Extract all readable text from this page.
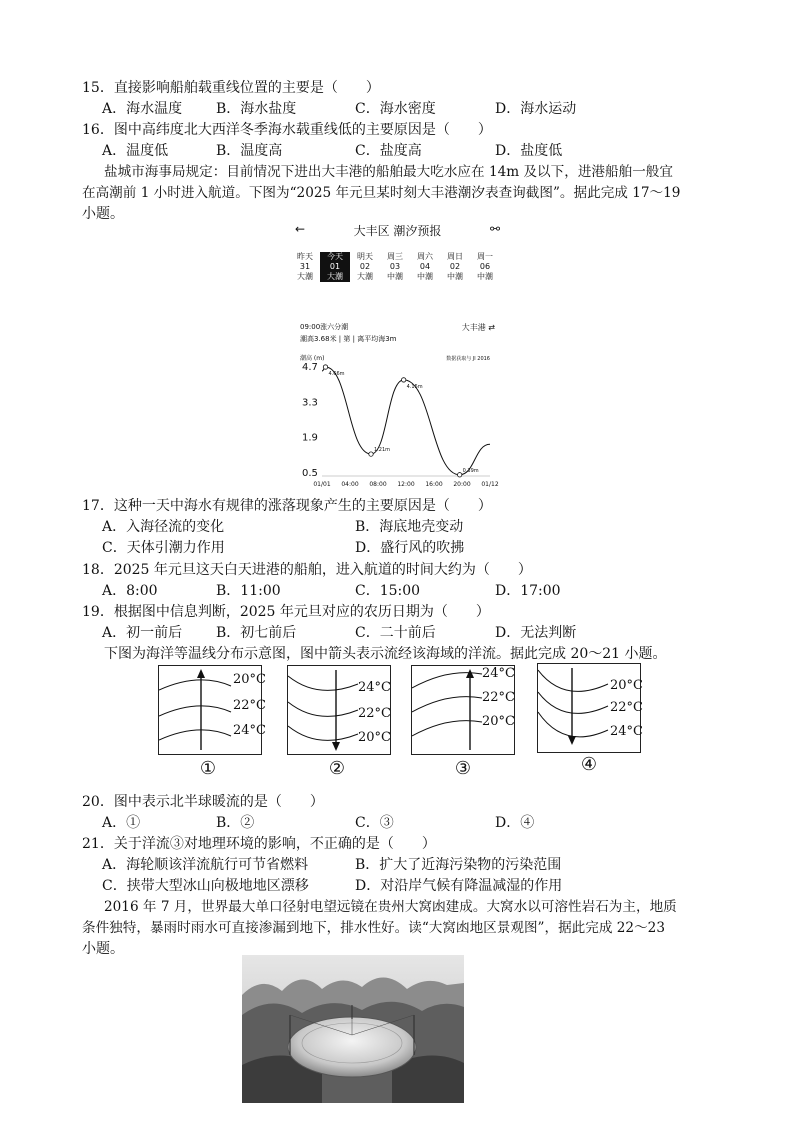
15．直接影响船舶载重线位置的主要是（　　）
A．海水温度 B．海水盐度	C．海水密度	D．海水运动
16．图中高纬度北大西洋冬季海水载重线低的主要原因是（　　）
A．温度低	B．温度高	C．盐度高	D．盐度低
盐城市海事局规定：目前情况下进出大丰港的船舶最大吃水应在 14m 及以下，进港船舶一般宜
在高潮前 1 小时进入航道。下图为“2025 年元旦某时刻大丰港潮汐表查询截图”。据此完成 17～19
小题。
←	大丰区 潮汐预报	⚯
昨天
31
大潮
今天
01
大潮
明天
02
大潮
周三
03
中潮
周六
04
中潮
周日
02
中潮
周一
06
中潮
09:00涨六分潮
潮高3.68米 | 第 | 离平均海3m
大丰港 ⇄
潮高 (m)	数据获取与 Jl 2016
4.7
3.3
1.9
0.5
01/01 04:00 08:00 12:00 16:00 20:00 01/12
4.66m
1.21m
4.15m
0.39m
17．这种一天中海水有规律的涨落现象产生的主要原因是（　　）
A．入海径流的变化	B．海底地壳变动
C．天体引潮力作用	D．盛行风的吹拂
18．2025 年元旦这天白天进港的船舶，进入航道的时间大约为（　　）
A．8:00	B．11:00	C．15:00	D．17:00
19．根据图中信息判断，2025 年元旦对应的农历日期为（　　）
A．初一前后 B．初七前后	C．二十前后	D．无法判断
下图为海洋等温线分布示意图，图中箭头表示流经该海域的洋流。据此完成 20～21 小题。
20°C
22°C
24°C
①
24°C
22°C
20°C
②
24°C
22°C
20°C
③
20°C
22°C
24°C
④
20．图中表示北半球暖流的是（　　）
A．①	B．②	C．③	D．④
21．关于洋流③对地理环境的影响，不正确的是（　　）
A．海轮顺该洋流航行可节省燃料	B．扩大了近海污染物的污染范围
C．挟带大型冰山向极地地区漂移	D．对沿岸气候有降温减湿的作用
2016 年 7 月，世界最大单口径射电望远镜在贵州大窝凼建成。大窝水以可溶性岩石为主，地质
条件独特，暴雨时雨水可直接渗漏到地下，排水性好。读“大窝凼地区景观图”，据此完成 22～23
小题。
